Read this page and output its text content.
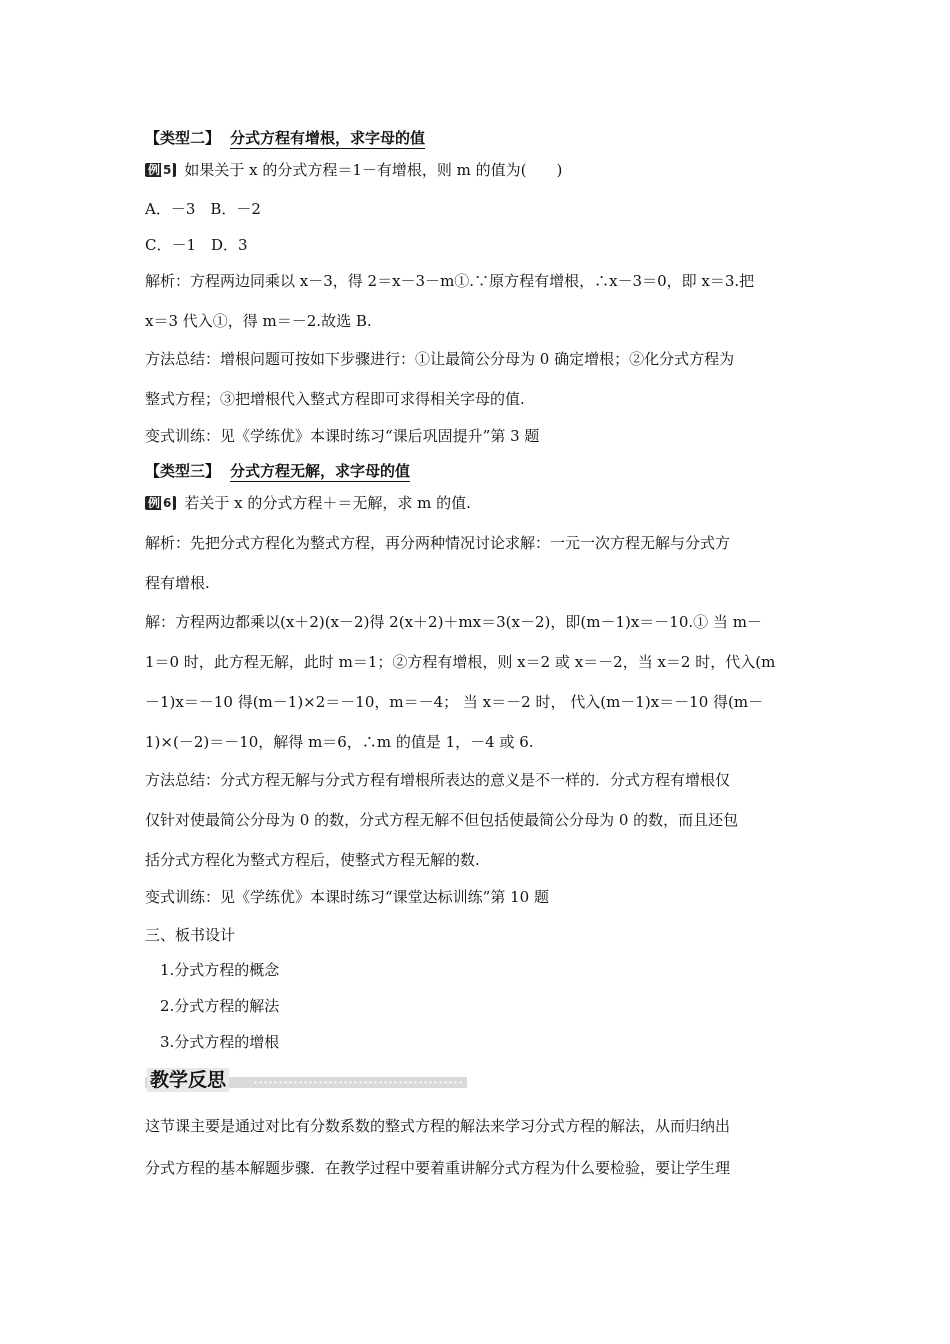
【类型二】 分式方程有增根，求字母的值
例 5 如果关于 x 的分式方程＝1－有增根，则 m 的值为(　　)
A．－3　B．－2
C．－1　D．3
解析：方程两边同乘以 x－3，得 2＝x－3－m①.∵原方程有增根，∴x－3＝0，即 x＝3.把
x＝3 代入①，得 m＝－2.故选 B.
方法总结：增根问题可按如下步骤进行：①让最简公分母为 0 确定增根；②化分式方程为
整式方程；③把增根代入整式方程即可求得相关字母的值.
变式训练：见《学练优》本课时练习“课后巩固提升”第 3 题
【类型三】 分式方程无解，求字母的值
例 6 若关于 x 的分式方程＋＝无解，求 m 的值.
解析：先把分式方程化为整式方程，再分两种情况讨论求解：一元一次方程无解与分式方
程有增根.
解：方程两边都乘以(x＋2)(x－2)得 2(x＋2)＋mx＝3(x－2)，即(m－1)x＝－10.① 当 m－
1＝0 时，此方程无解，此时 m＝1；②方程有增根，则 x＝2 或 x＝－2，当 x＝2 时，代入(m
－1)x＝－10 得(m－1)×2＝－10，m＝－4； 当 x＝－2 时， 代入(m－1)x＝－10 得(m－
1)×(－2)＝－10，解得 m＝6，∴m 的值是 1，－4 或 6.
方法总结：分式方程无解与分式方程有增根所表达的意义是不一样的．分式方程有增根仅
仅针对使最简公分母为 0 的数，分式方程无解不但包括使最简公分母为 0 的数，而且还包
括分式方程化为整式方程后，使整式方程无解的数.
变式训练：见《学练优》本课时练习“课堂达标训练”第 10 题
三、板书设计
1.分式方程的概念
2.分式方程的解法
3.分式方程的增根
教学反思
这节课主要是通过对比有分数系数的整式方程的解法来学习分式方程的解法，从而归纳出
分式方程的基本解题步骤．在教学过程中要着重讲解分式方程为什么要检验，要让学生理
